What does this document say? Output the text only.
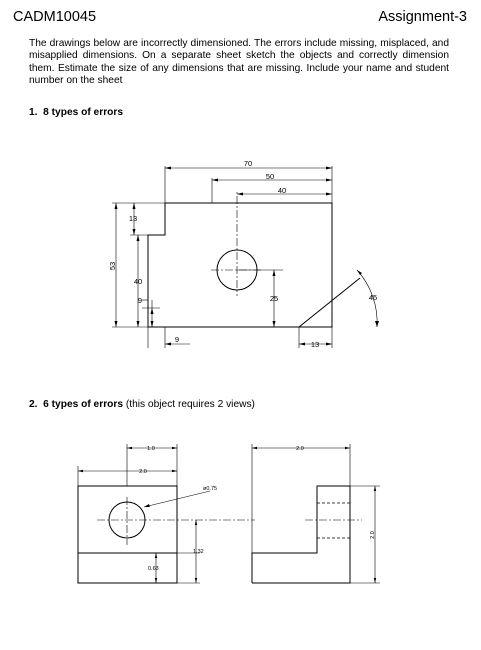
CADM10045	Assignment-3

The drawings below are incorrectly dimensioned. The errors include missing, misplaced, and misapplied dimensions. On a separate sheet sketch the objects and correctly dimension them. Estimate the size of any dimensions that are missing. Include your name and student number on the sheet

1. 8 types of errors
2. 6 types of errors (this object requires 2 views)
70
50
40
53
13
40
9
9
25
13
45
1.0
2.0
ø0.75
1.32
0.63
2.0
2.0
